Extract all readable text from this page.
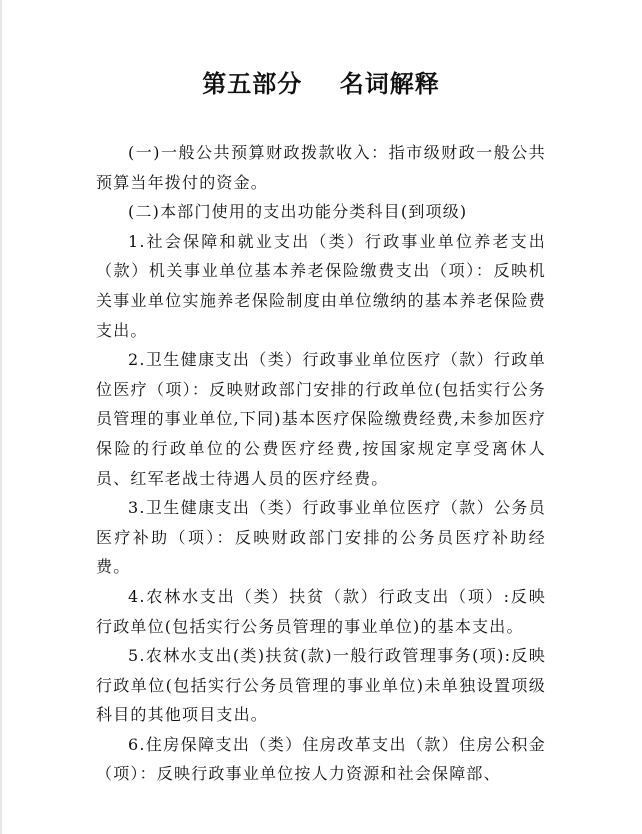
第五部分    名词解释

(一)一般公共预算财政拨款收入：指市级财政一般公共预算当年拨付的资金。

(二)本部门使用的支出功能分类科目(到项级)

1.社会保障和就业支出（类）行政事业单位养老支出（款）机关事业单位基本养老保险缴费支出（项）：反映机关事业单位实施养老保险制度由单位缴纳的基本养老保险费支出。

2.卫生健康支出（类）行政事业单位医疗（款）行政单位医疗（项）：反映财政部门安排的行政单位(包括实行公务员管理的事业单位,下同)基本医疗保险缴费经费,未参加医疗保险的行政单位的公费医疗经费,按国家规定享受离休人员、红军老战士待遇人员的医疗经费。

3.卫生健康支出（类）行政事业单位医疗（款）公务员医疗补助（项）：反映财政部门安排的公务员医疗补助经费。

4.农林水支出（类）扶贫（款）行政支出（项）:反映行政单位(包括实行公务员管理的事业单位)的基本支出。

5.农林水支出(类)扶贫(款)一般行政管理事务(项):反映行政单位(包括实行公务员管理的事业单位)未单独设置项级科目的其他项目支出。

6.住房保障支出（类）住房改革支出（款）住房公积金（项）：反映行政事业单位按人力资源和社会保障部、
